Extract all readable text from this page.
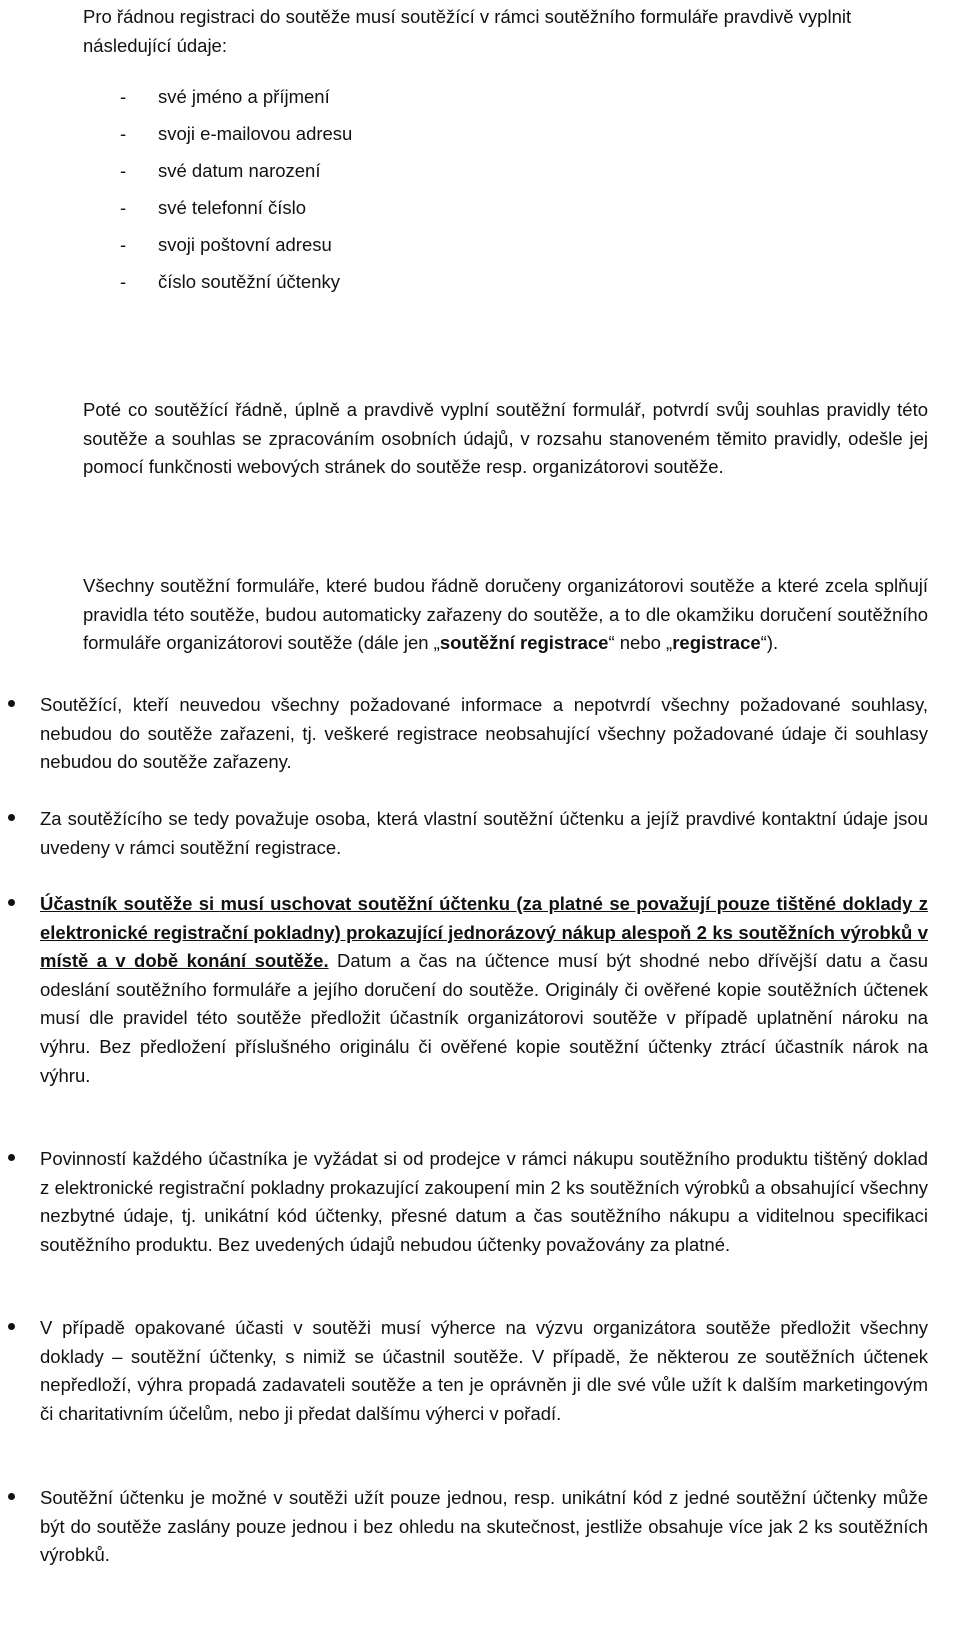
Pro řádnou registraci do soutěže musí soutěžící v rámci soutěžního formuláře pravdivě vyplnit následující údaje:

-	své jméno a příjmení
-	svoji e-mailovou adresu
-	své datum narození
-	své telefonní číslo
-	svoji poštovní adresu
-	číslo soutěžní účtenky

Poté co soutěžící řádně, úplně a pravdivě vyplní soutěžní formulář, potvrdí svůj souhlas pravidly této soutěže a souhlas se zpracováním osobních údajů, v rozsahu stanoveném těmito pravidly, odešle jej pomocí funkčnosti webových stránek do soutěže resp. organizátorovi soutěže.

Všechny soutěžní formuláře, které budou řádně doručeny organizátorovi soutěže a které zcela splňují pravidla této soutěže, budou automaticky zařazeny do soutěže, a to dle okamžiku doručení soutěžního formuláře organizátorovi soutěže (dále jen „soutěžní registrace“ nebo „registrace“).

Soutěžící, kteří neuvedou všechny požadované informace a nepotvrdí všechny požadované souhlasy, nebudou do soutěže zařazeni, tj. veškeré registrace neobsahující všechny požadované údaje či souhlasy nebudou do soutěže zařazeny.

Za soutěžícího se tedy považuje osoba, která vlastní soutěžní účtenku a jejíž pravdivé kontaktní údaje jsou uvedeny v rámci soutěžní registrace.

Účastník soutěže si musí uschovat soutěžní účtenku (za platné se považují pouze tištěné doklady z elektronické registrační pokladny) prokazující jednorázový nákup alespoň 2 ks soutěžních výrobků v místě a v době konání soutěže. Datum a čas na účtence musí být shodné nebo dřívější datu a času odeslání soutěžního formuláře a jejího doručení do soutěže. Originály či ověřené kopie soutěžních účtenek musí dle pravidel této soutěže předložit účastník organizátorovi soutěže v případě uplatnění nároku na výhru. Bez předložení příslušného originálu či ověřené kopie soutěžní účtenky ztrácí účastník nárok na výhru.

Povinností každého účastníka je vyžádat si od prodejce v rámci nákupu soutěžního produktu tištěný doklad z elektronické registrační pokladny prokazující zakoupení min 2 ks soutěžních výrobků a obsahující všechny nezbytné údaje, tj. unikátní kód účtenky, přesné datum a čas soutěžního nákupu a viditelnou specifikaci soutěžního produktu. Bez uvedených údajů nebudou účtenky považovány za platné.

V případě opakované účasti v soutěži musí výherce na výzvu organizátora soutěže předložit všechny doklady – soutěžní účtenky, s nimiž se účastnil soutěže. V případě, že některou ze soutěžních účtenek nepředloží, výhra propadá zadavateli soutěže a ten je oprávněn ji dle své vůle užít k dalším marketingovým či charitativním účelům, nebo ji předat dalšímu výherci v pořadí.

Soutěžní účtenku je možné v soutěži užít pouze jednou, resp. unikátní kód z jedné soutěžní účtenky může být do soutěže zaslány pouze jednou i bez ohledu na skutečnost, jestliže obsahuje více jak 2 ks soutěžních výrobků.
